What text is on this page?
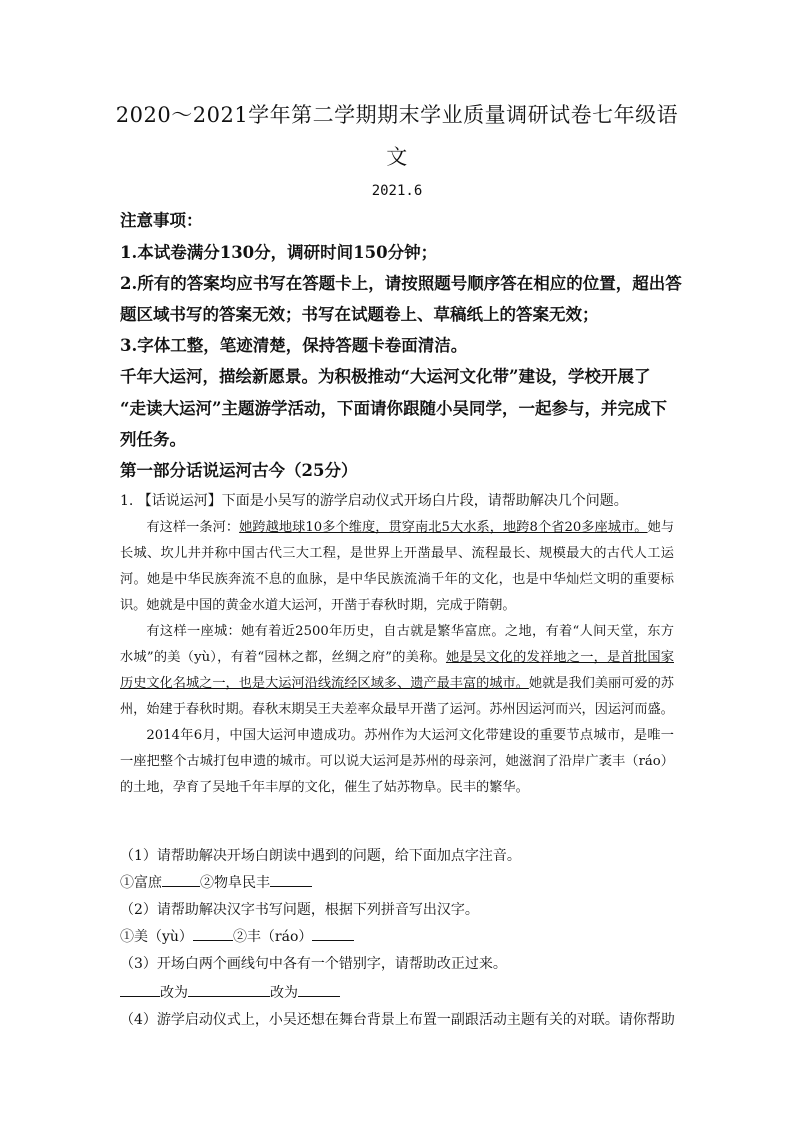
2020～2021学年第二学期期末学业质量调研试卷七年级语文
2021.6
注意事项：
1.本试卷满分130分，调研时间150分钟；
2.所有的答案均应书写在答题卡上，请按照题号顺序答在相应的位置，超出答
题区域书写的答案无效；书写在试题卷上、草稿纸上的答案无效；
3.字体工整，笔迹清楚，保持答题卡卷面清洁。
千年大运河，描绘新愿景。为积极推动“大运河文化带”建设，学校开展了
“走读大运河”主题游学活动，下面请你跟随小吴同学，一起参与，并完成下
列任务。
第一部分话说运河古今（25分）
1. 【话说运河】下面是小吴写的游学启动仪式开场白片段，请帮助解决几个问题。

有这样一条河：她跨越地球10多个维度，贯穿南北5大水系，地跨8个省20多座城市。她与长城、坎儿井并称中国古代三大工程，是世界上开凿最早、流程最长、规模最大的古代人工运河。她是中华民族奔流不息的血脉，是中华民族流淌千年的文化，也是中华灿烂文明的重要标识。她就是中国的黄金水道大运河，开凿于春秋时期，完成于隋朝。

有这样一座城：她有着近2500年历史，自古就是繁华富庶。之地，有着“人间天堂，东方水城”的美（yù），有着“园林之都，丝绸之府”的美称。她是吴文化的发祥地之一，是首批国家历史文化名城之一，也是大运河沿线流经区域多、遗产最丰富的城市。她就是我们美丽可爱的苏州，始建于春秋时期。春秋末期吴王夫差率众最早开凿了运河。苏州因运河而兴，因运河而盛。

2014年6月，中国大运河申遗成功。苏州作为大运河文化带建设的重要节点城市，是唯一一座把整个古城打包申遗的城市。可以说大运河是苏州的母亲河，她滋润了沿岸广袤丰（ráo）的土地，孕育了吴地千年丰厚的文化，催生了姑苏物阜。民丰的繁华。

（1）请帮助解决开场白朗读中遇到的问题，给下面加点字注音。
①富庶	②物阜民丰
（2）请帮助解决汉字书写问题，根据下列拼音写出汉字。
①美（yù）	②丰（ráo）
（3）开场白两个画线句中各有一个错别字，请帮助改正过来。
改为	改为
（4）游学启动仪式上，小吴还想在舞台背景上布置一副跟活动主题有关的对联。请你帮助
